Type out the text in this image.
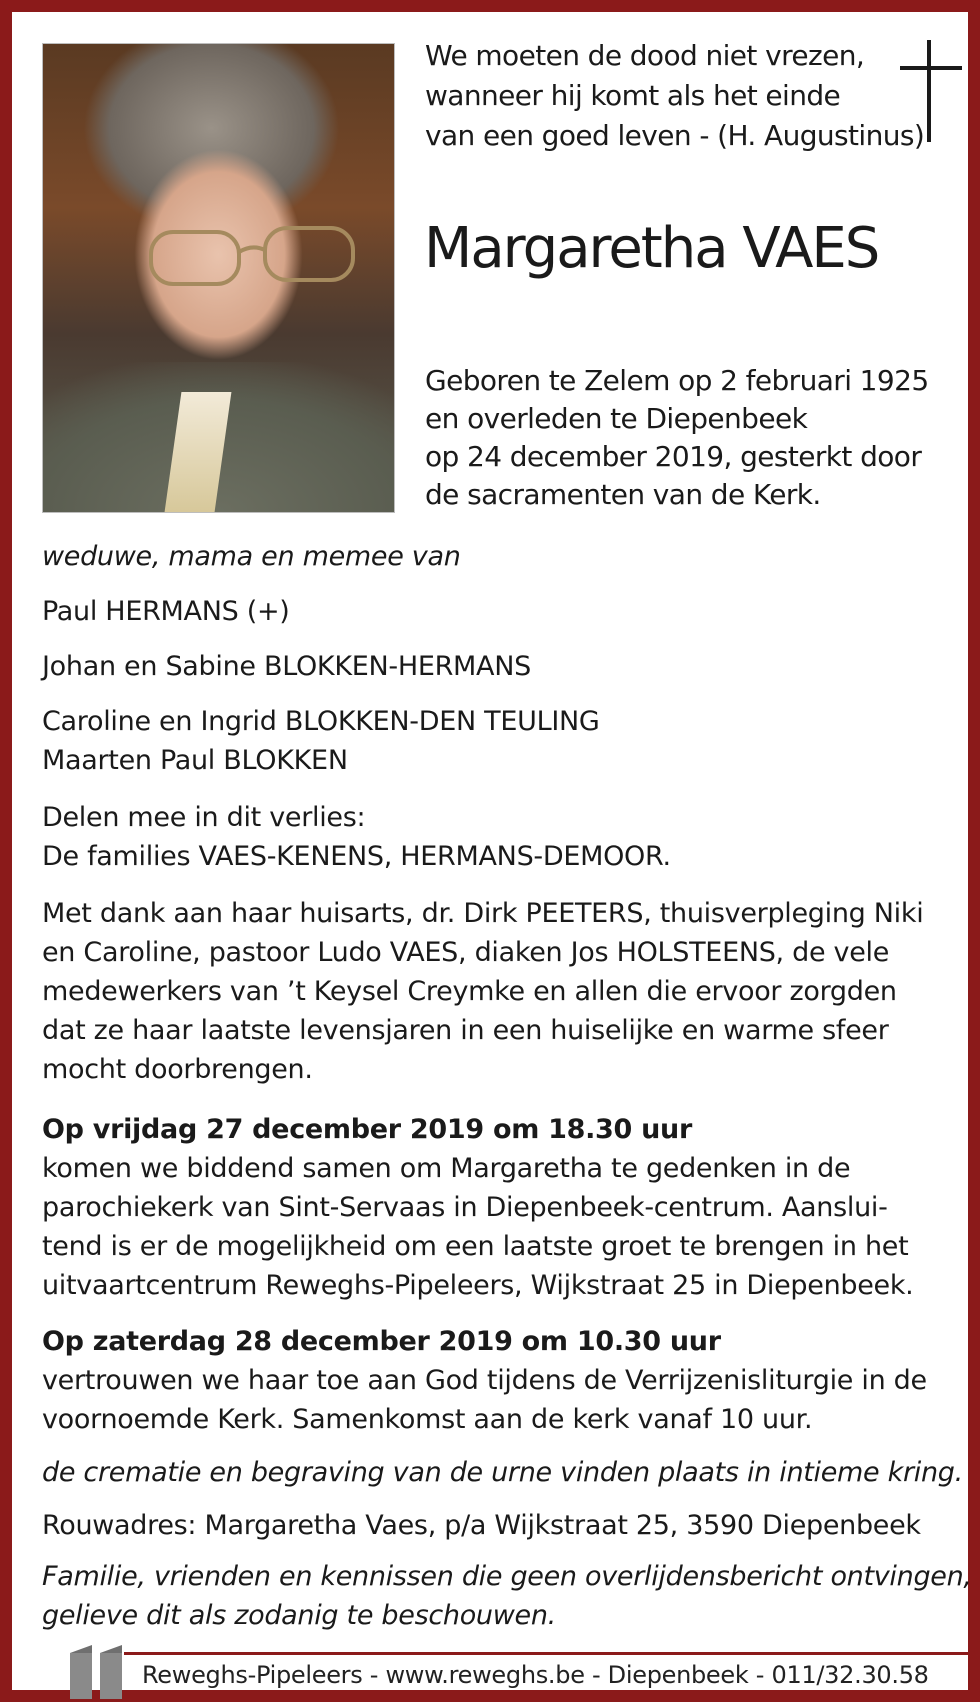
We moeten de dood niet vrezen,
wanneer hij komt als het einde
van een goed leven - (H. Augustinus)
Margaretha VAES
Geboren te Zelem op 2 februari 1925
en overleden te Diepenbeek
op 24 december 2019, gesterkt door
de sacramenten van de Kerk.
weduwe, mama en memee van
Paul HERMANS (+)
Johan en Sabine BLOKKEN-HERMANS
Caroline en Ingrid BLOKKEN-DEN TEULING
Maarten Paul BLOKKEN
Delen mee in dit verlies:
De families VAES-KENENS, HERMANS-DEMOOR.
Met dank aan haar huisarts, dr. Dirk PEETERS, thuisverpleging Niki
en Caroline, pastoor Ludo VAES, diaken Jos HOLSTEENS, de vele
medewerkers van ’t Keysel Creymke en allen die ervoor zorgden
dat ze haar laatste levensjaren in een huiselijke en warme sfeer
mocht doorbrengen.
Op vrijdag 27 december 2019 om 18.30 uur
komen we biddend samen om Margaretha te gedenken in de
parochiekerk van Sint-Servaas in Diepenbeek-centrum. Aanslui-
tend is er de mogelijkheid om een laatste groet te brengen in het
uitvaartcentrum Reweghs-Pipeleers, Wijkstraat 25 in Diepenbeek.
Op zaterdag 28 december 2019 om 10.30 uur
vertrouwen we haar toe aan God tijdens de Verrijzenisliturgie in de
voornoemde Kerk. Samenkomst aan de kerk vanaf 10 uur.
de crematie en begraving van de urne vinden plaats in intieme kring.
Rouwadres: Margaretha Vaes, p/a Wijkstraat 25, 3590 Diepenbeek
Familie, vrienden en kennissen die geen overlijdensbericht ontvingen,
gelieve dit als zodanig te beschouwen.
Reweghs-Pipeleers - www.reweghs.be - Diepenbeek - 011/32.30.58
